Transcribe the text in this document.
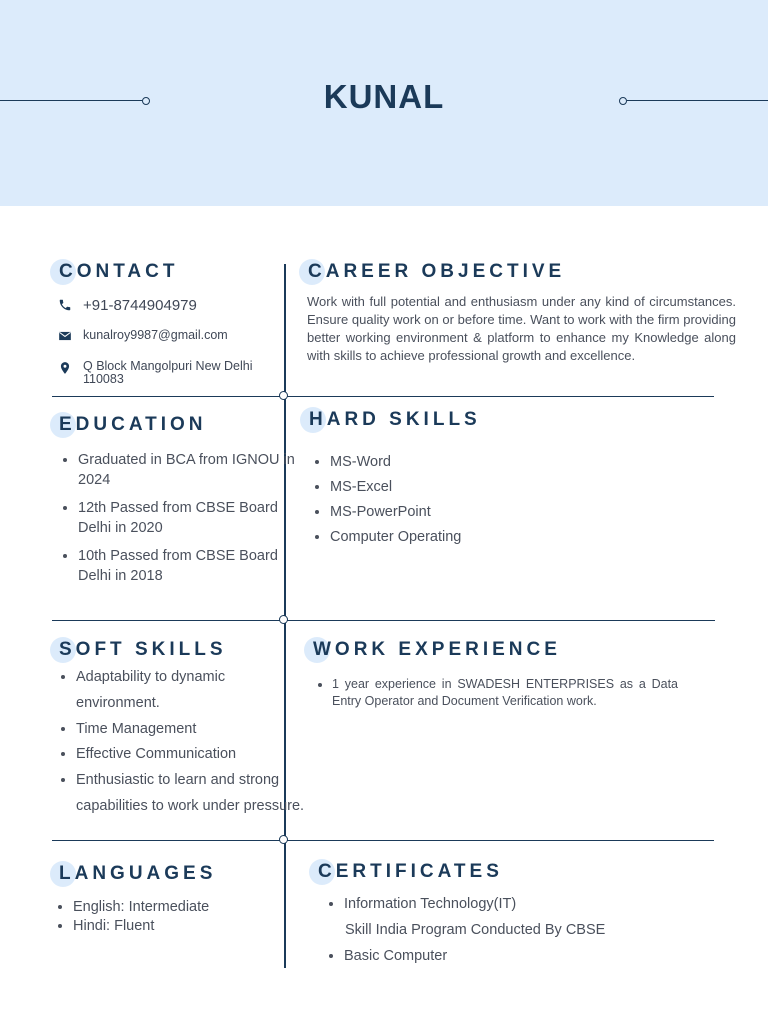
KUNAL
CONTACT
+91-8744904979
kunalroy9987@gmail.com
Q Block Mangolpuri New Delhi 110083
CAREER OBJECTIVE
Work with full potential and enthusiasm under any kind of circumstances. Ensure quality work on or before time. Want to work with the firm providing better working environment & platform to enhance my Knowledge along with skills to achieve professional growth and excellence.
EDUCATION
• Graduated in BCA from IGNOU in 2024
• 12th Passed from CBSE Board Delhi in 2020
• 10th Passed from CBSE Board Delhi in 2018
HARD SKILLS
• MS-Word
• MS-Excel
• MS-PowerPoint
• Computer Operating
SOFT SKILLS
• Adaptability to dynamic environment.
• Time Management
• Effective Communication
• Enthusiastic to learn and strong capabilities to work under pressure.
WORK EXPERIENCE
• 1 year experience in SWADESH ENTERPRISES as a Data Entry Operator and Document Verification work.
LANGUAGES
• English: Intermediate
• Hindi: Fluent
CERTIFICATES
• Information Technology(IT)
Skill India Program Conducted By CBSE
• Basic Computer
